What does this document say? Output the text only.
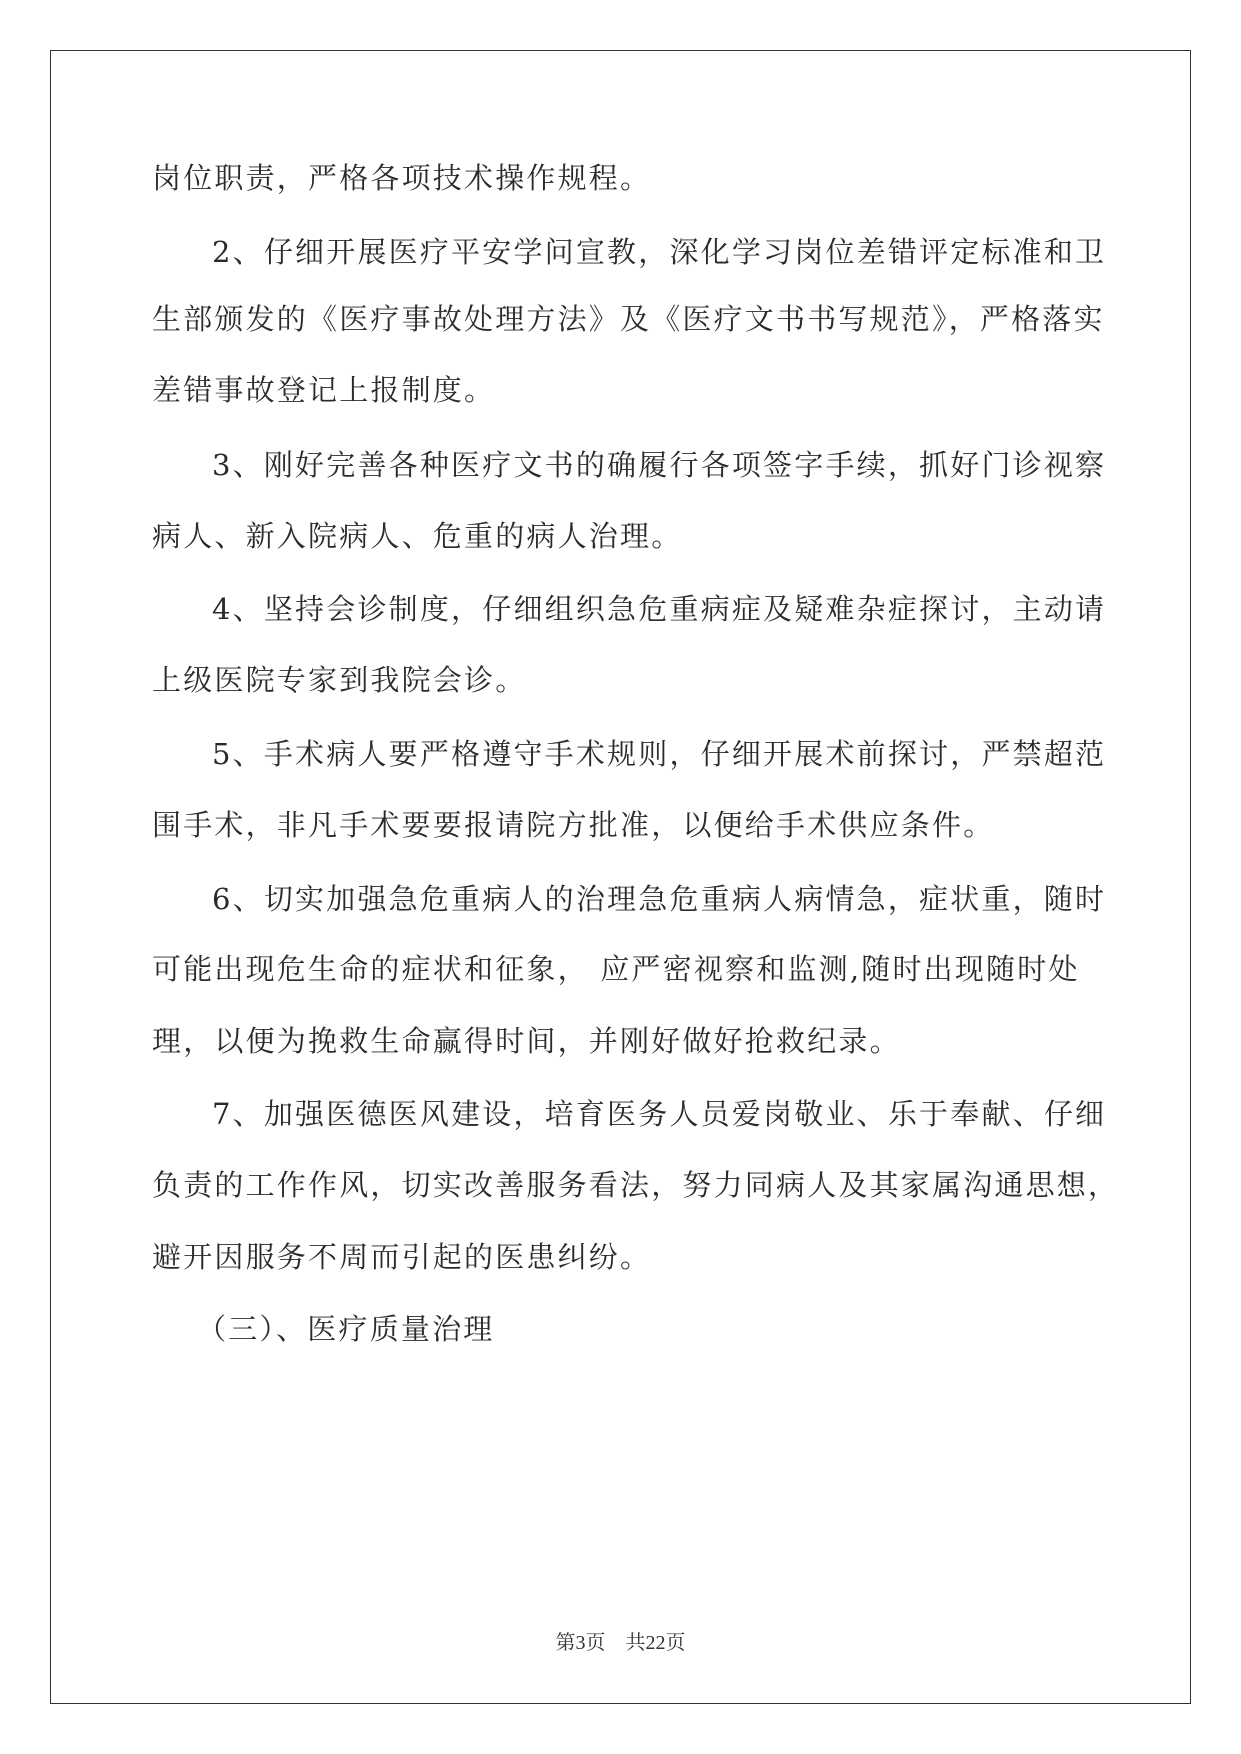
岗位职责，严格各项技术操作规程。
2、仔细开展医疗平安学问宣教，深化学习岗位差错评定标准和卫
生部颁发的《医疗事故处理方法》及《医疗文书书写规范》，严格落实
差错事故登记上报制度。
3、刚好完善各种医疗文书的确履行各项签字手续，抓好门诊视察
病人、新入院病人、危重的病人治理。
4、坚持会诊制度，仔细组织急危重病症及疑难杂症探讨，主动请
上级医院专家到我院会诊。
5、手术病人要严格遵守手术规则，仔细开展术前探讨，严禁超范
围手术，非凡手术要要报请院方批准，以便给手术供应条件。
6、切实加强急危重病人的治理急危重病人病情急，症状重，随时
可能出现危生命的症状和征象， 应严密视察和监测,随时出现随时处
理，以便为挽救生命赢得时间，并刚好做好抢救纪录。
7、加强医德医风建设，培育医务人员爱岗敬业、乐于奉献、仔细
负责的工作作风，切实改善服务看法，努力同病人及其家属沟通思想，
避开因服务不周而引起的医患纠纷。
（三）、医疗质量治理
第3页 共22页
